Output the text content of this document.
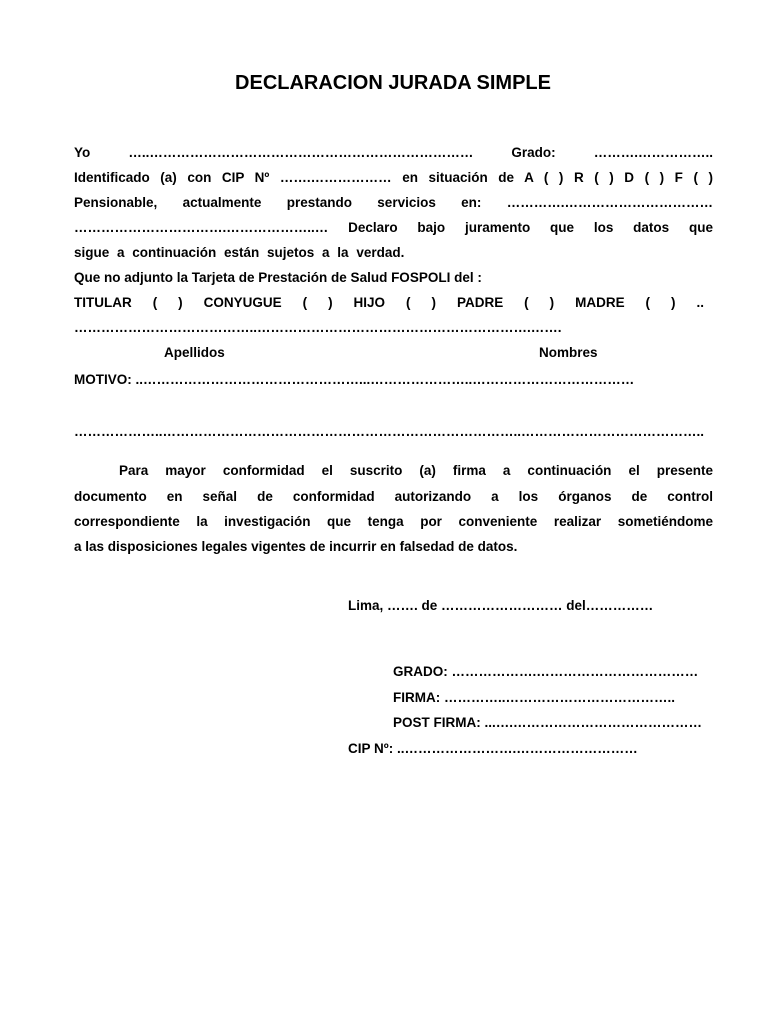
DECLARACION JURADA SIMPLE
Yo …..……………………………………………………………… Grado: ……….……………..
Identificado (a) con CIP Nº …….……………… en situación de A ( ) R ( ) D ( ) F ( )
Pensionable, actualmente prestando servicios en: ………….……………………………
…………………………….………………..… Declaro bajo juramento que los datos que
sigue a continuación están sujetos a la verdad.
Que no adjunto la Tarjeta de Prestación de Salud FOSPOLI del :
TITULAR ( ) CONYUGUE ( ) HIJO ( ) PADRE ( ) MADRE ( ) ..
…………………………………..…………………………………………………….…….
Apellidos	Nombres
MOTIVO: ..…………………………………………...…………………..………………………………
………………..……………………………………………………………………..…………………………………..
Para mayor conformidad el suscrito (a) firma a continuación el presente
documento en señal de conformidad autorizando a los órganos de control
correspondiente la investigación que tenga por conveniente realizar sometiéndome
a las disposiciones legales vigentes de incurrir en falsedad de datos.
Lima, ……. de ……………………… del……………
GRADO: ……………….………………………………
FIRMA: …………..………………………………..
POST FIRMA: ...….……………………………………
CIP Nº: ..…………………….………………………
